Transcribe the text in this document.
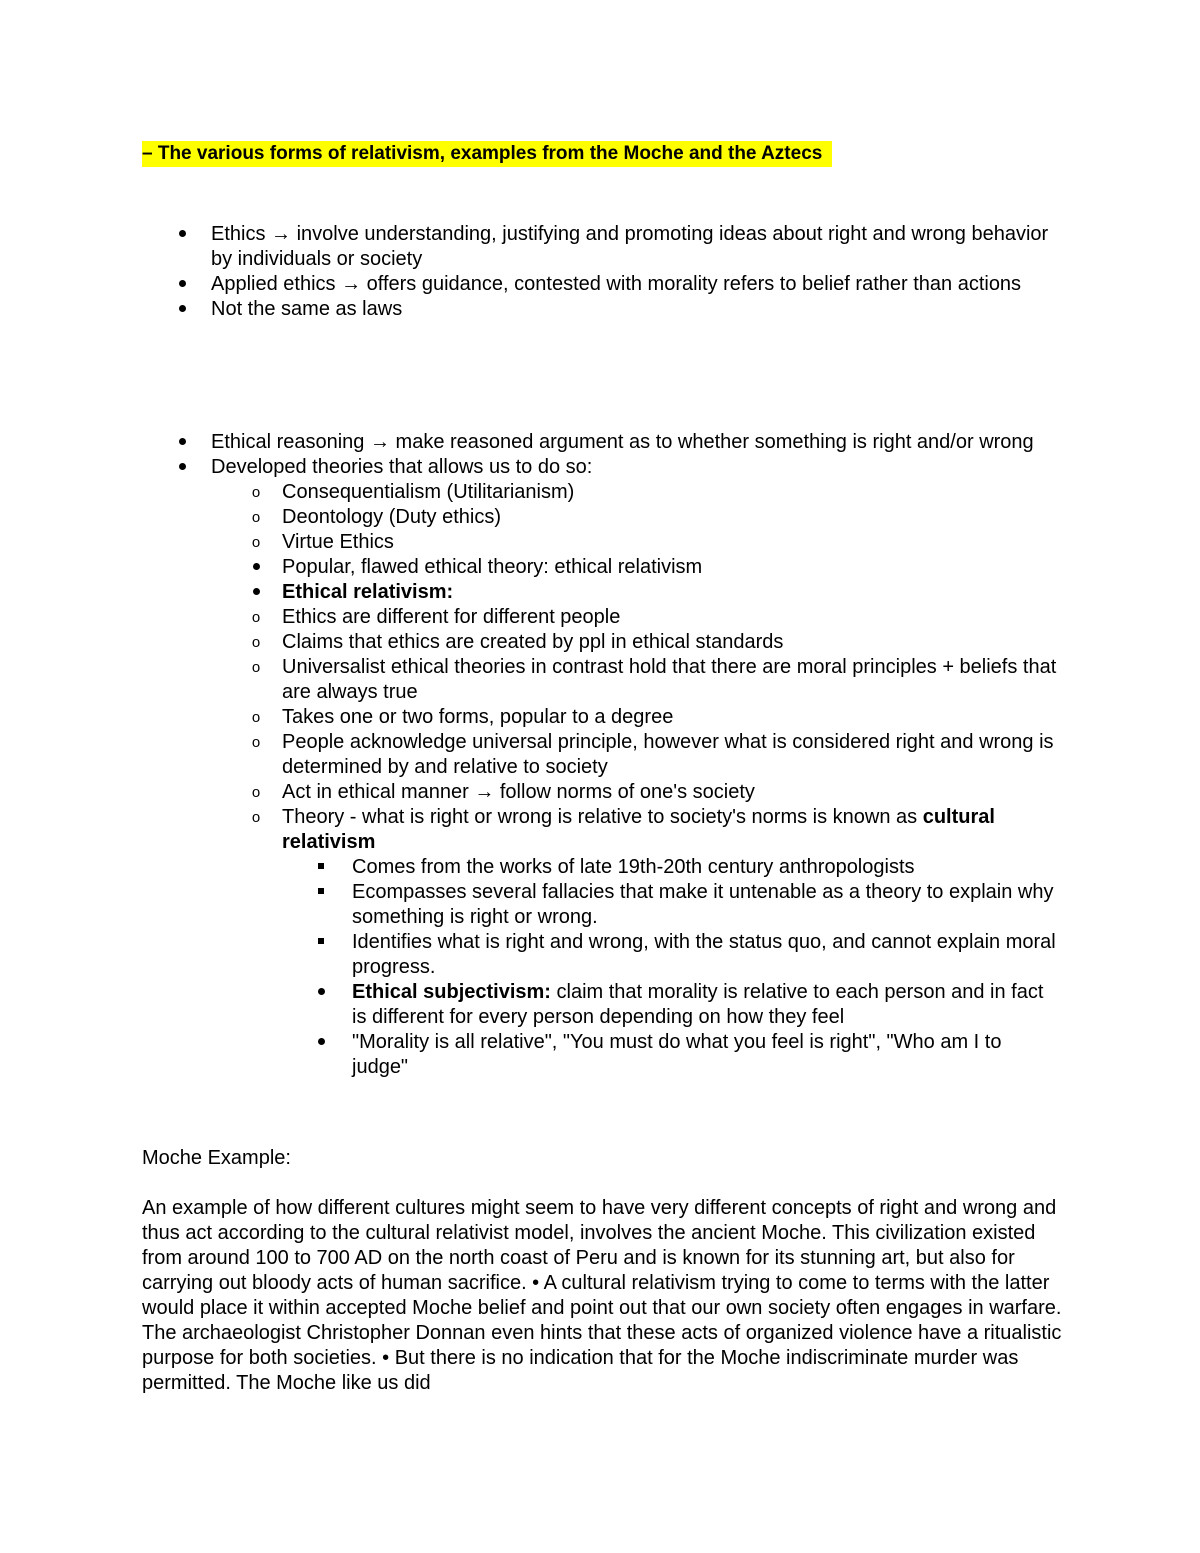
– The various forms of relativism, examples from the Moche and the Aztecs
Ethics → involve understanding, justifying and promoting ideas about right and wrong behavior by individuals or society
Applied ethics → offers guidance, contested with morality refers to belief rather than actions
Not the same as laws
Ethical reasoning → make reasoned argument as to whether something is right and/or wrong
Developed theories that allows us to do so:
o Consequentialism (Utilitarianism)
o Deontology (Duty ethics)
o Virtue Ethics
Popular, flawed ethical theory: ethical relativism
Ethical relativism:
o Ethics are different for different people
o Claims that ethics are created by ppl in ethical standards
o Universalist ethical theories in contrast hold that there are moral principles + beliefs that are always true
o Takes one or two forms, popular to a degree
o People acknowledge universal principle, however what is considered right and wrong is determined by and relative to society
o Act in ethical manner → follow norms of one's society
o Theory - what is right or wrong is relative to society's norms is known as cultural relativism
Comes from the works of late 19th-20th century anthropologists
Ecompasses several fallacies that make it untenable as a theory to explain why something is right or wrong.
Identifies what is right and wrong, with the status quo, and cannot explain moral progress.
Ethical subjectivism: claim that morality is relative to each person and in fact is different for every person depending on how they feel
"Morality is all relative", "You must do what you feel is right", "Who am I to judge"
Moche Example:

An example of how different cultures might seem to have very different concepts of right and wrong and thus act according to the cultural relativist model, involves the ancient Moche. This civilization existed from around 100 to 700 AD on the north coast of Peru and is known for its stunning art, but also for carrying out bloody acts of human sacrifice. • A cultural relativism trying to come to terms with the latter would place it within accepted Moche belief and point out that our own society often engages in warfare. The archaeologist Christopher Donnan even hints that these acts of organized violence have a ritualistic purpose for both societies. • But there is no indication that for the Moche indiscriminate murder was permitted. The Moche like us did
